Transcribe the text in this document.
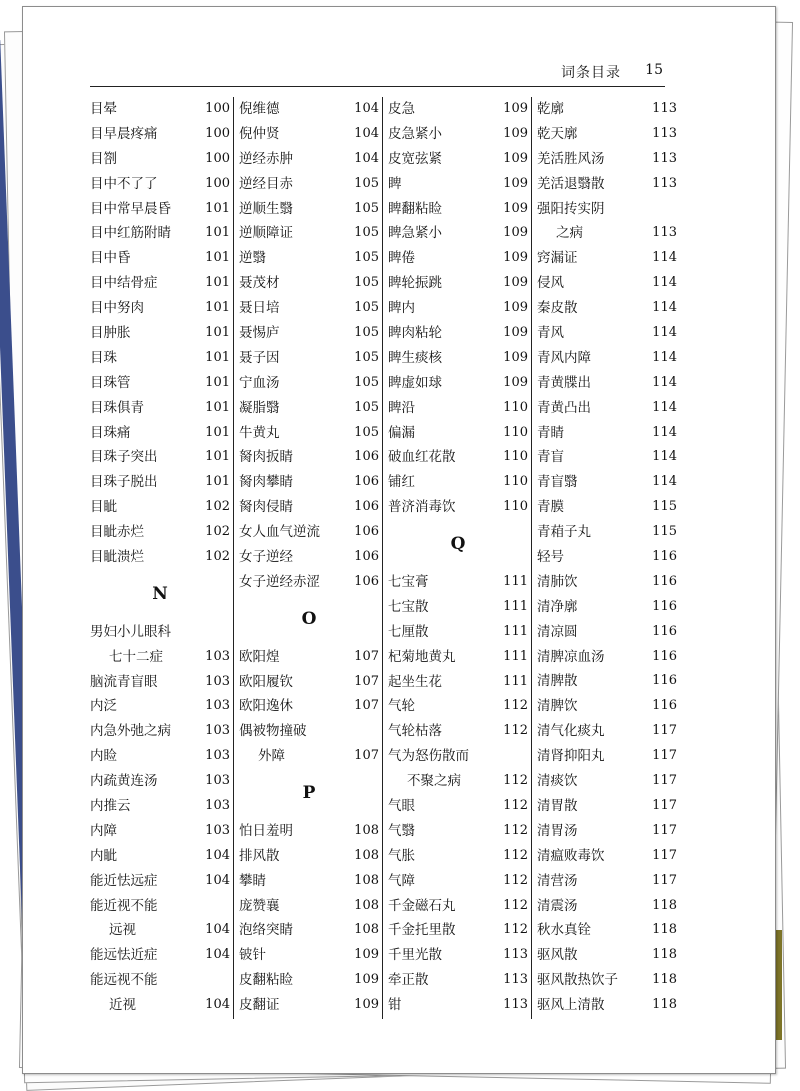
词条目录 15
目晕	100
目早晨疼痛	100
目劄	100
目中不了了	100
目中常早晨昏	101
目中红筋附睛	101
目中昏	101
目中结骨症	101
目中努肉	101
目肿胀	101
目珠	101
目珠管	101
目珠俱青	101
目珠痛	101
目珠子突出	101
目珠子脱出	101
目眦	102
目眦赤烂	102
目眦溃烂	102
N
男妇小儿眼科
七十二症	103
脑流青盲眼	103
内泛	103
内急外弛之病	103
内睑	103
内疏黄连汤	103
内推云	103
内障	103
内眦	104
能近怯远症	104
能近视不能
远视	104
能远怯近症	104
能远视不能
近视	104
倪维德	104
倪仲贤	104
逆经赤肿	104
逆经目赤	105
逆顺生翳	105
逆顺障证	105
逆翳	105
聂茂材	105
聂日培	105
聂惕庐	105
聂子因	105
宁血汤	105
凝脂翳	105
牛黄丸	105
胬肉扳睛	106
胬肉攀睛	106
胬肉侵睛	106
女人血气逆流	106
女子逆经	106
女子逆经赤涩	106
O
欧阳煌	107
欧阳履钦	107
欧阳逸休	107
偶被物撞破
外障	107
P
怕日羞明	108
排风散	108
攀睛	108
庞赞襄	108
泡络突睛	108
铍针	109
皮翻粘睑	109
皮翻证	109
皮急	109
皮急紧小	109
皮宽弦紧	109
睥	109
睥翻粘睑	109
睥急紧小	109
睥倦	109
睥轮振跳	109
睥内	109
睥肉粘轮	109
睥生痰核	109
睥虚如球	109
睥沿	110
偏漏	110
破血红花散	110
铺红	110
普济消毒饮	110
Q
七宝膏	111
七宝散	111
七厘散	111
杞菊地黄丸	111
起坐生花	111
气轮	112
气轮枯落	112
气为怒伤散而
不聚之病	112
气眼	112
气翳	112
气胀	112
气障	112
千金磁石丸	112
千金托里散	112
千里光散	113
牵正散	113
钳	113
乾廓	113
乾天廓	113
羌活胜风汤	113
羌活退翳散	113
强阳抟实阴
之病	113
窍漏证	114
侵风	114
秦皮散	114
青风	114
青风内障	114
青黄牒出	114
青黄凸出	114
青睛	114
青盲	114
青盲翳	114
青膜	115
青葙子丸	115
轻号	116
清肺饮	116
清净廓	116
清凉圆	116
清脾凉血汤	116
清脾散	116
清脾饮	116
清气化痰丸	117
清肾抑阳丸	117
清痰饮	117
清胃散	117
清胃汤	117
清瘟败毒饮	117
清营汤	117
清震汤	118
秋水真铨	118
驱风散	118
驱风散热饮子	118
驱风上清散	118
